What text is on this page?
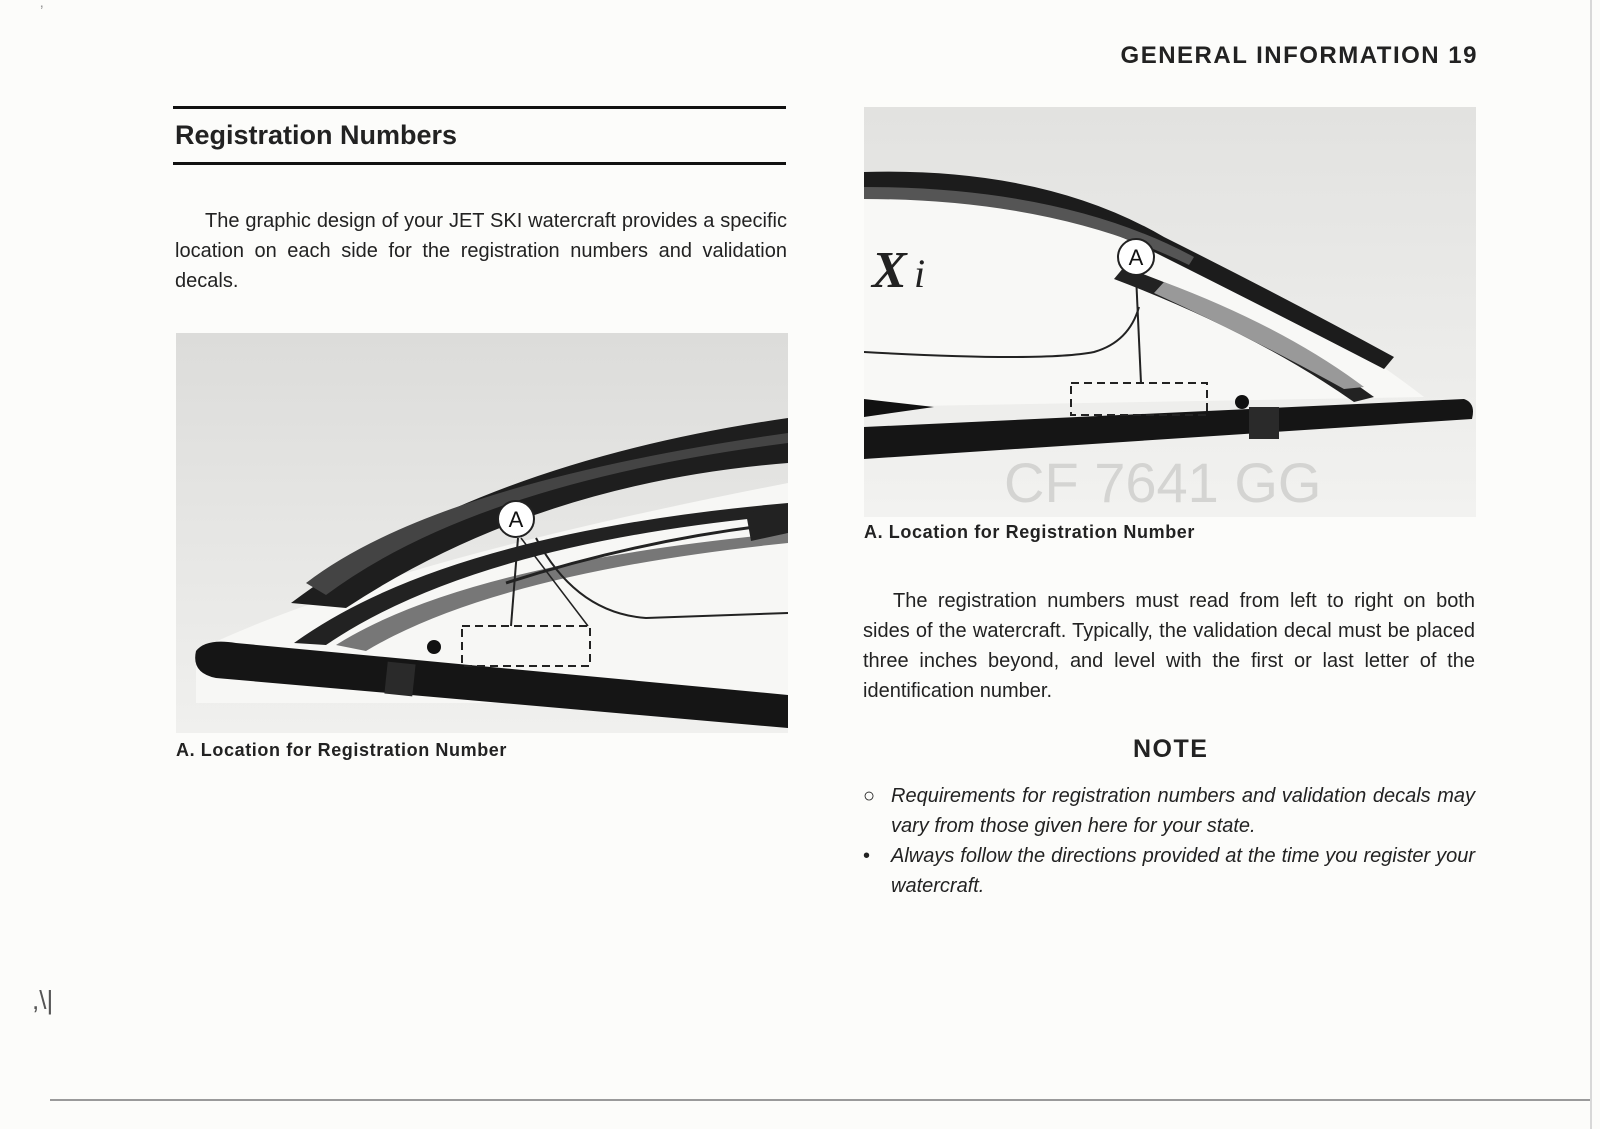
ʼ
GENERAL INFORMATION 19
Registration Numbers

The graphic design of your JET SKI watercraft provides a specific location on each side for the registration numbers and validation decals.

A
A. Location for Registration Number
X i
CF 7641 GG
A
A. Location for Registration Number

The registration numbers must read from left to right on both sides of the watercraft. Typically, the validation decal must be placed three inches beyond, and level with the first or last letter of the identification number.

NOTE
○ Requirements for registration numbers and validation decals may vary from those given here for your state.
•	Always follow the directions provided at the time you register your watercraft.
,\|
